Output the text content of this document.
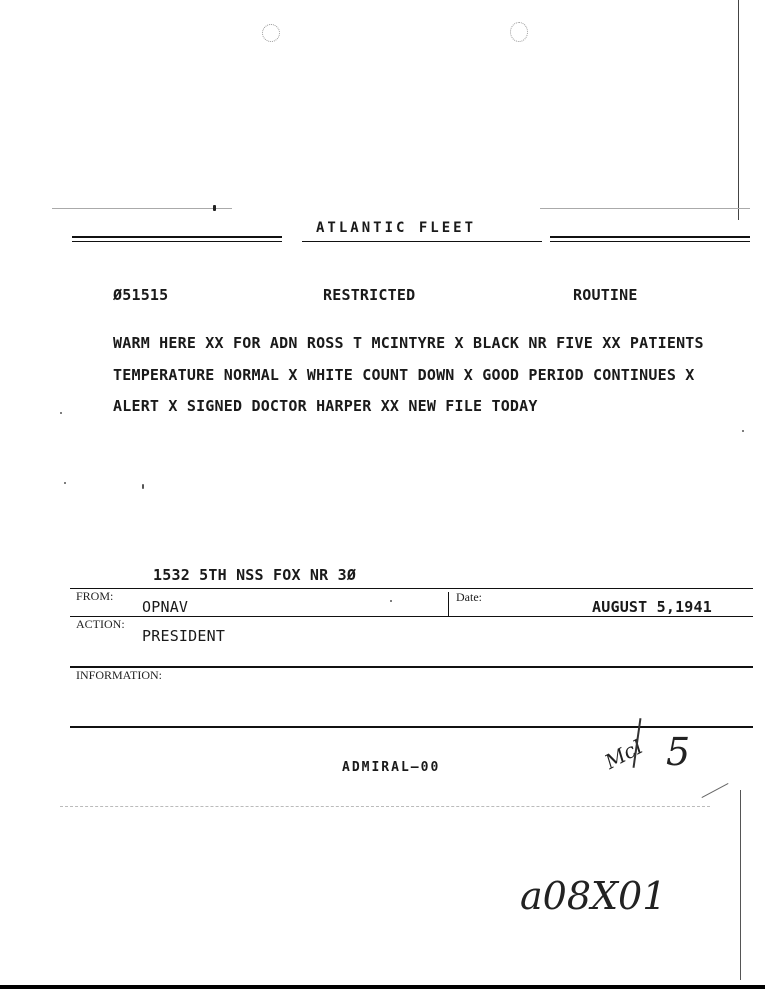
ATLANTIC FLEET
Ø51515	RESTRICTED	ROUTINE
WARM HERE XX FOR ADN ROSS T MCINTYRE X BLACK NR FIVE XX PATIENTS
TEMPERATURE NORMAL X WHITE COUNT DOWN X GOOD PERIOD CONTINUES X
ALERT X SIGNED DOCTOR HARPER XX NEW FILE TODAY
1532 5TH NSS FOX NR 3Ø
FROM:
OPNAV
Date:
AUGUST 5,1941
ACTION:
PRESIDENT
INFORMATION:
ADMIRAL—00	McI 5
a08X01
